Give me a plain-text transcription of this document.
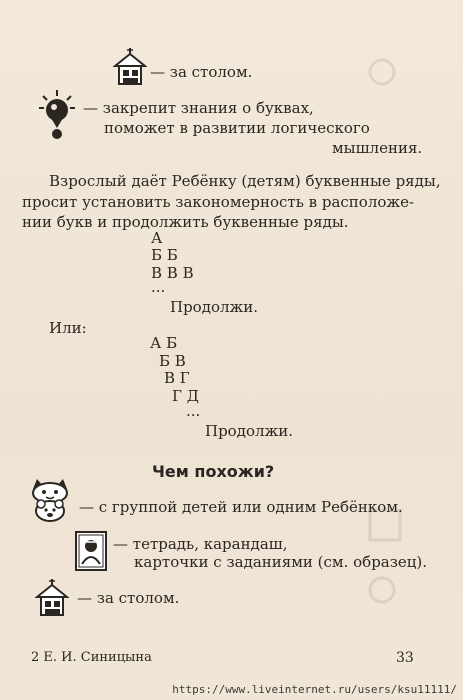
— за столом.
— закрепит знания о буквах,
поможет в развитии логического
мышления.
Взрослый даёт Ребёнку (детям) буквенные ряды,
просит установить закономерность в расположе-
нии букв и продолжить буквенные ряды.
А
Б Б
В В В
...
Продолжи.
Или:
А Б
Б В
В Г
Г Д
...
Продолжи.
Чем похожи?
— с группой детей или одним Ребёнком.
— тетрадь, карандаш,
карточки с заданиями (см. образец).
— за столом.
2 Е. И. Синицына	33
https://www.liveinternet.ru/users/ksu11111/
